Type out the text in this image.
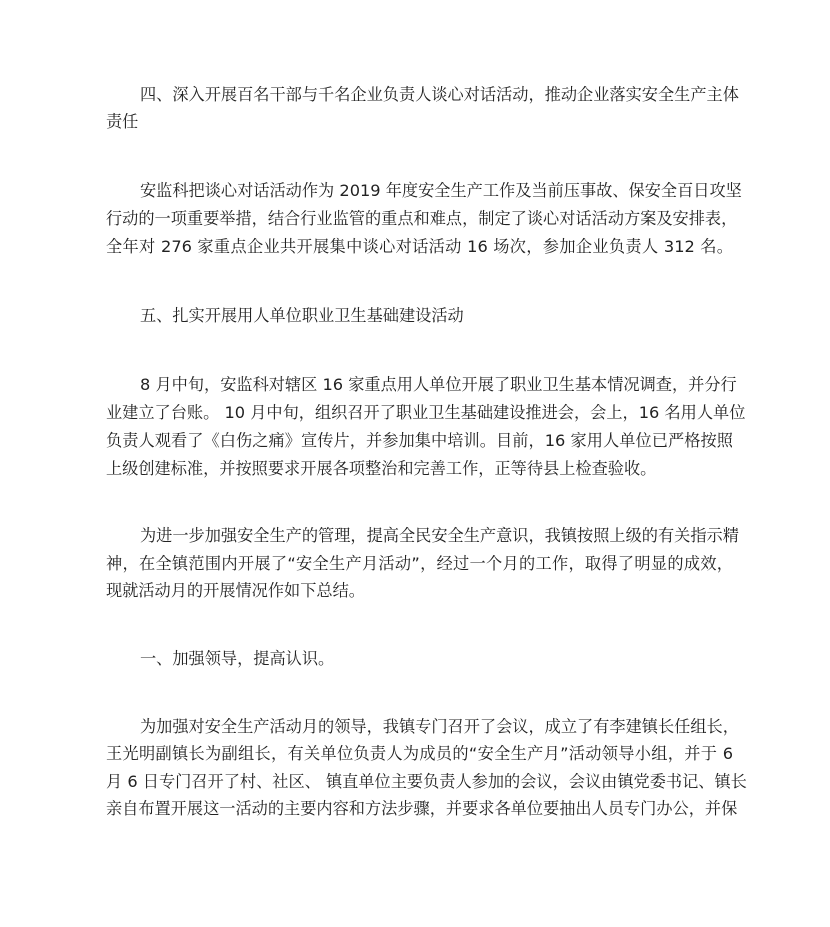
四、深入开展百名干部与千名企业负责人谈心对话活动，推动企业落实安全生产主体
责任
安监科把谈心对话活动作为 2019 年度安全生产工作及当前压事故、保安全百日攻坚
行动的一项重要举措，结合行业监管的重点和难点，制定了谈心对话活动方案及安排表，
全年对 276 家重点企业共开展集中谈心对话活动 16 场次，参加企业负责人 312 名。
五、扎实开展用人单位职业卫生基础建设活动
8 月中旬，安监科对辖区 16 家重点用人单位开展了职业卫生基本情况调查，并分行
业建立了台账。 10 月中旬，组织召开了职业卫生基础建设推进会，会上，16 名用人单位
负责人观看了《白伤之痛》宣传片，并参加集中培训。目前，16 家用人单位已严格按照
上级创建标准，并按照要求开展各项整治和完善工作，正等待县上检查验收。
为进一步加强安全生产的管理，提高全民安全生产意识，我镇按照上级的有关指示精
神，在全镇范围内开展了“安全生产月活动”，经过一个月的工作，取得了明显的成效，
现就活动月的开展情况作如下总结。
一、加强领导，提高认识。
为加强对安全生产活动月的领导，我镇专门召开了会议，成立了有李建镇长任组长，
王光明副镇长为副组长，有关单位负责人为成员的“安全生产月”活动领导小组，并于 6
月 6 日专门召开了村、社区、 镇直单位主要负责人参加的会议，会议由镇党委书记、镇长
亲自布置开展这一活动的主要内容和方法步骤，并要求各单位要抽出人员专门办公，并保
